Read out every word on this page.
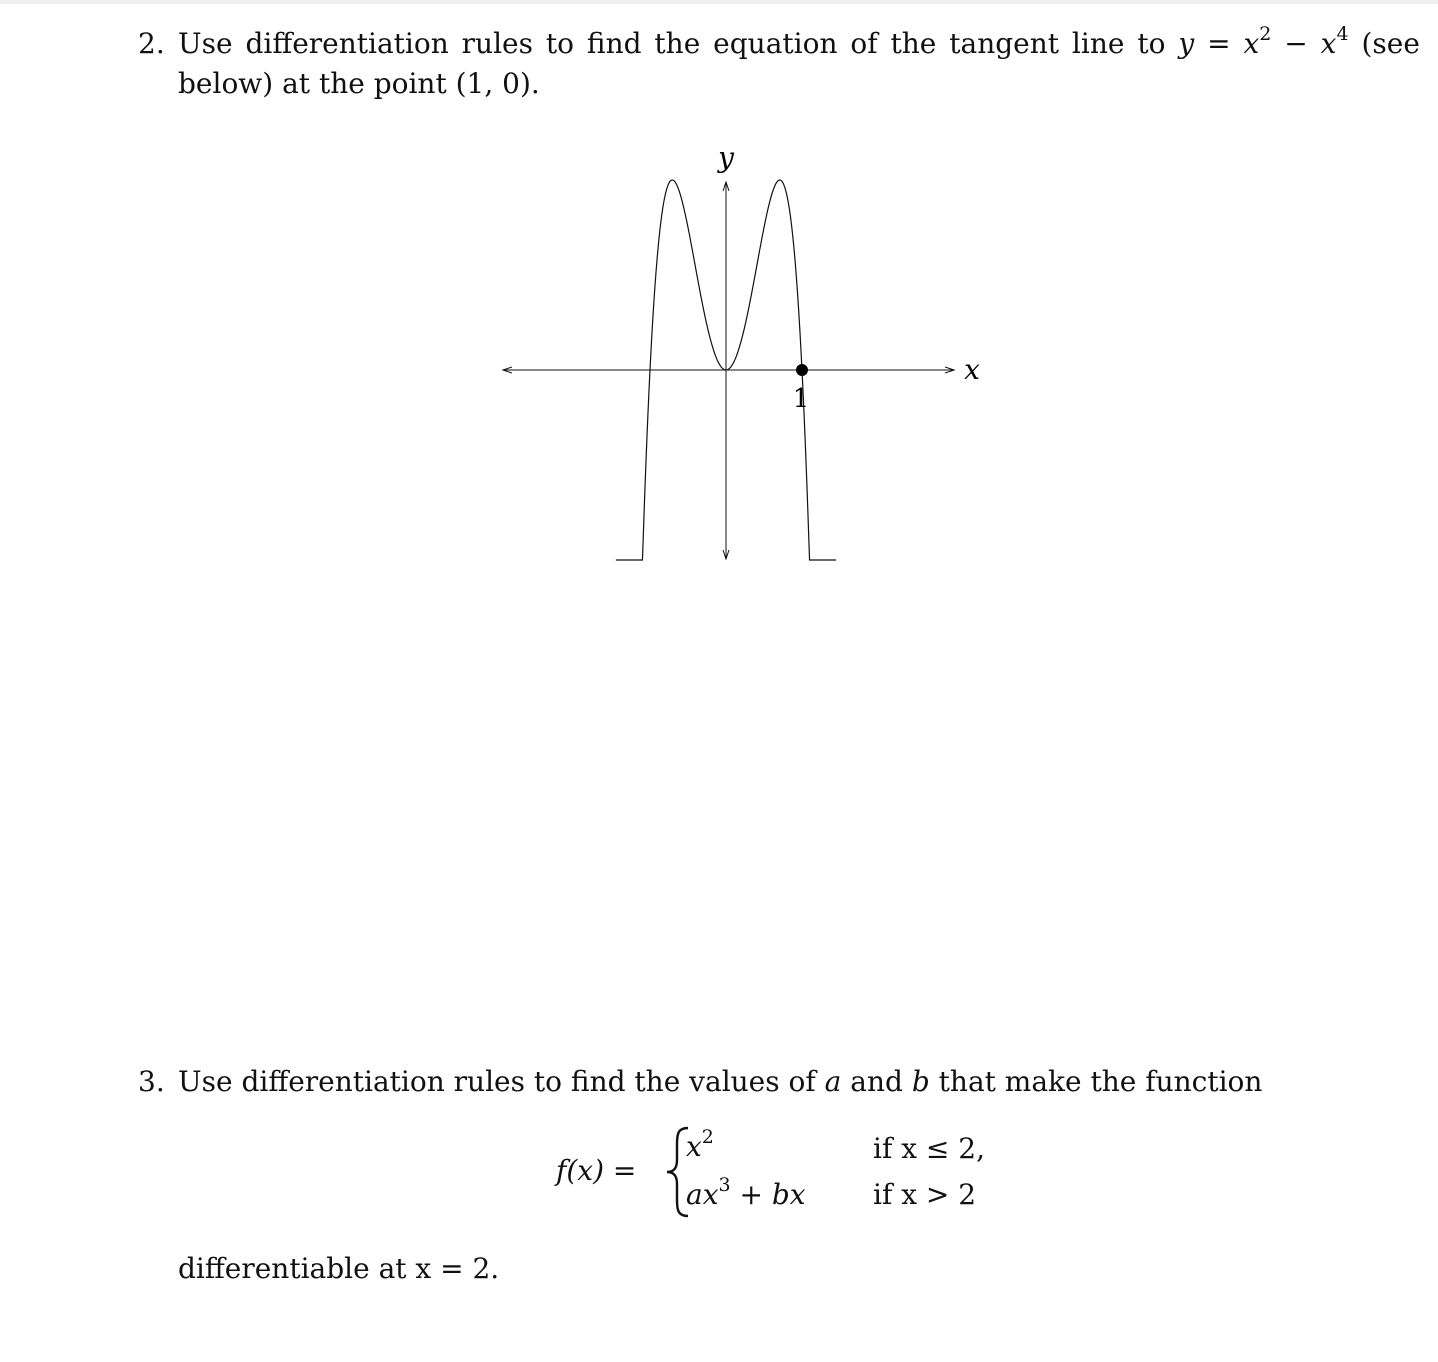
2. Use differentiation rules to find the equation of the tangent line to $y = x^2 - x^4$ (see
below) at the point (1, 0).
y
x
1
3. Use differentiation rules to find the values of a and b that make the function
f(x) =
$x^2$	if x ≤ 2,
$ax^3$ + bx if x > 2
differentiable at x = 2.
